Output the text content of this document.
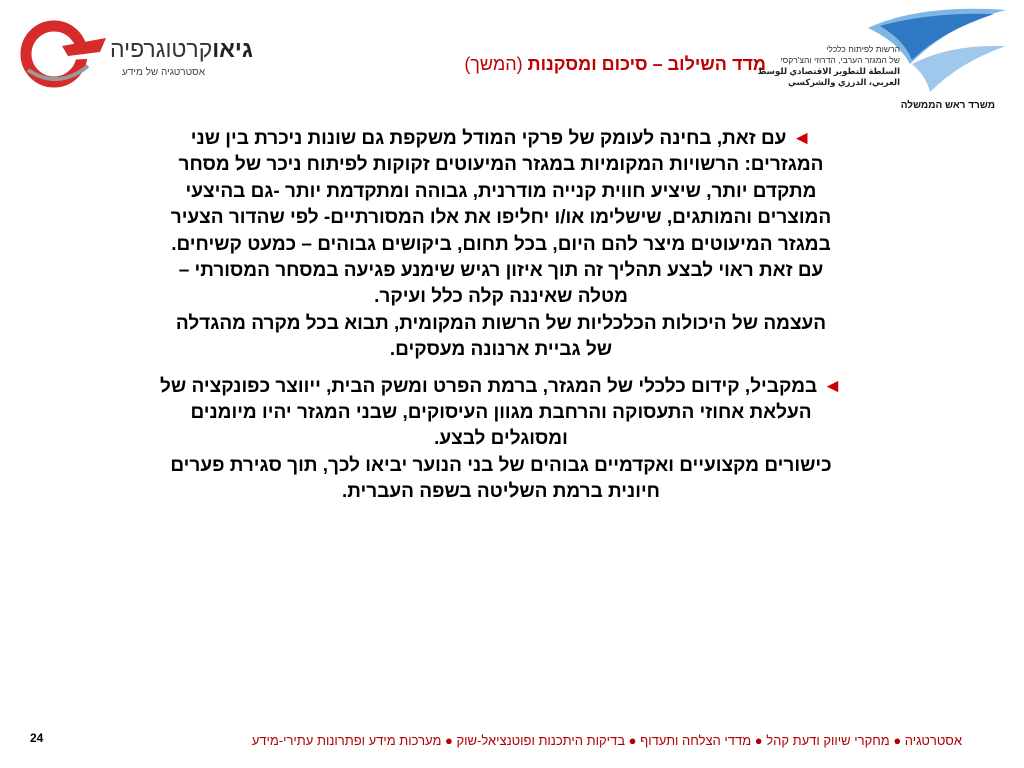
גיאוקרטוגרפיה
אסטרטגיה של מידע	מדד השילוב – סיכום ומסקנות (המשך)
הרשות לפיתוח כלכלי
של המגזר הערבי, הדרוזי והצ'רקסי
السلطة للتطوير الاقتصادي للوسط
العربي، الدرزي والشركسي
משרד ראש הממשלה

◄עם זאת, בחינה לעומק של פרקי המודל משקפת גם שונות ניכרת בין שני

המגזרים: הרשויות המקומיות במגזר המיעוטים זקוקות לפיתוח ניכר של מסחר

מתקדם יותר, שיציע חווית קנייה מודרנית, גבוהה ומתקדמת יותר -גם בהיצעי

המוצרים והמותגים, שישלימו או/ו יחליפו את אלו המסורתיים- לפי שהדור הצעיר

במגזר המיעוטים מיצר להם היום, בכל תחום, ביקושים גבוהים – כמעט קשיחים.

עם זאת ראוי לבצע תהליך זה תוך איזון רגיש שימנע פגיעה במסחר המסורתי –

מטלה שאיננה קלה כלל ועיקר.

העצמה של היכולות הכלכליות של הרשות המקומית, תבוא בכל מקרה מהגדלה

של גביית ארנונה מעסקים.

◄במקביל, קידום כלכלי של המגזר, ברמת הפרט ומשק הבית, ייווצר כפונקציה של

העלאת אחוזי התעסוקה והרחבת מגוון העיסוקים, שבני המגזר יהיו מיומנים

ומסוגלים לבצע.

כישורים מקצועיים ואקדמיים גבוהים של בני הנוער יביאו לכך, תוך סגירת פערים

חיונית ברמת השליטה בשפה העברית.

24	אסטרטגיה ● מחקרי שיווק ודעת קהל ● מדדי הצלחה ותעדוף ● בדיקות היתכנות ופוטנציאל-שוק ● מערכות מידע ופתרונות עתירי-מידע
